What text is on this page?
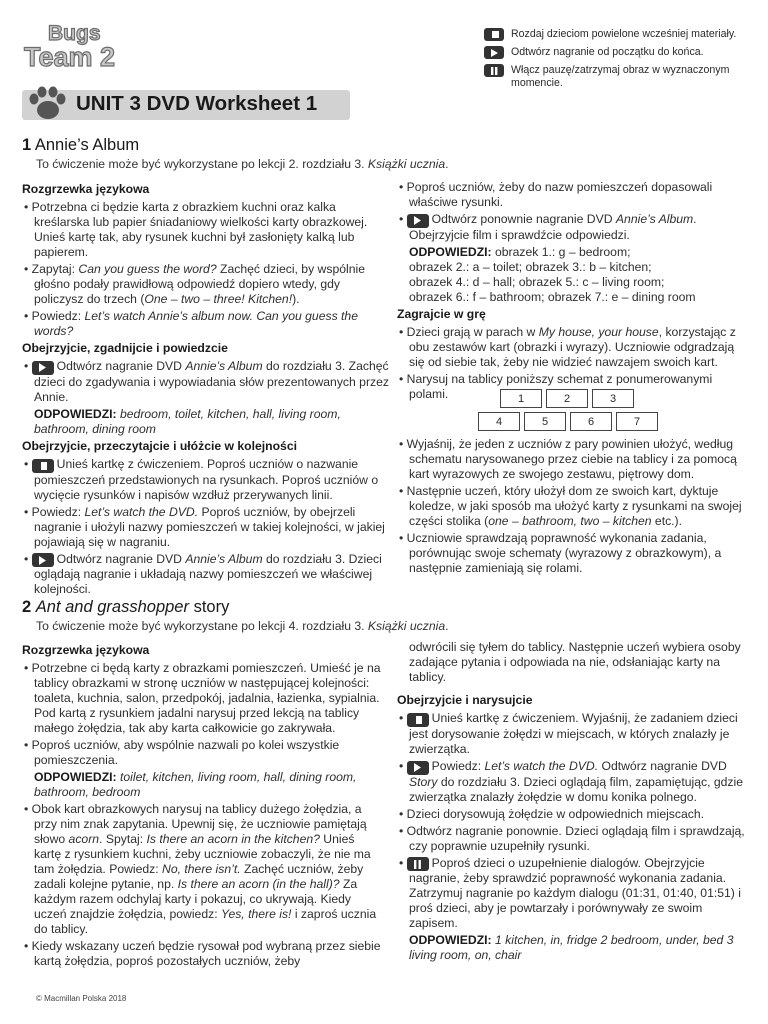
Bugs
Team 2
Rozdaj dzieciom powielone wcześniej materiały.
Odtwórz nagranie od początku do końca.
Włącz pauzę/zatrzymaj obraz w wyznaczonym momencie.
UNIT 3 DVD Worksheet 1
1 Annie’s Album
To ćwiczenie może być wykorzystane po lekcji 2. rozdziału 3. Książki ucznia.

Rozgrzewka językowa

• Potrzebna ci będzie karta z obrazkiem kuchni oraz kalka kreślarska lub papier śniadaniowy wielkości karty obrazkowej. Unieś kartę tak, aby rysunek kuchni był zasłonięty kalką lub papierem.

• Zapytaj: Can you guess the word? Zachęć dzieci, by wspólnie głośno podały prawidłową odpowiedź dopiero wtedy, gdy policzysz do trzech (One – two – three! Kitchen!).

• Powiedz: Let’s watch Annie’s album now. Can you guess the words?

Obejrzyjcie, zgadnijcie i powiedzcie

•
Odtwórz nagranie DVD Annie’s Album do rozdziału 3. Zachęć dzieci do zgadywania i wypowiadania słów prezentowanych przez Annie.

ODPOWIEDZI: bedroom, toilet, kitchen, hall, living room, bathroom, dining room

Obejrzyjcie, przeczytajcie i ułóżcie w kolejności

•
Unieś kartkę z ćwiczeniem. Poproś uczniów o nazwanie pomieszczeń przedstawionych na rysunkach. Poproś uczniów o wycięcie rysunków i napisów wzdłuż przerywanych linii.

• Powiedz: Let’s watch the DVD. Poproś uczniów, by obejrzeli nagranie i ułożyli nazwy pomieszczeń w takiej kolejności, w jakiej pojawiają się w nagraniu.

•
Odtwórz nagranie DVD Annie’s Album do rozdziału 3. Dzieci oglądają nagranie i układają nazwy pomieszczeń we właściwej kolejności.

• Poproś uczniów, żeby do nazw pomieszczeń dopasowali właściwe rysunki.

•
Odtwórz ponownie nagranie DVD Annie’s Album. Obejrzyjcie film i sprawdźcie odpowiedzi.

ODPOWIEDZI: obrazek 1.: g – bedroom;
obrazek 2.: a – toilet; obrazek 3.: b – kitchen;
obrazek 4.: d – hall; obrazek 5.: c – living room;
obrazek 6.: f – bathroom; obrazek 7.: e – dining room

Zagrajcie w grę

• Dzieci grają w parach w My house, your house, korzystając z obu zestawów kart (obrazki i wyrazy). Uczniowie odgradzają się od siebie tak, żeby nie widzieć nawzajem swoich kart.

• Narysuj na tablicy poniższy schemat z ponumerowanymi polami.	1	2	3
4	5	6	7

• Wyjaśnij, że jeden z uczniów z pary powinien ułożyć, według schematu narysowanego przez ciebie na tablicy i za pomocą kart wyrazowych ze swojego zestawu, piętrowy dom.

• Następnie uczeń, który ułożył dom ze swoich kart, dyktuje koledze, w jaki sposób ma ułożyć karty z rysunkami na swojej części stolika (one – bathroom, two – kitchen etc.).

• Uczniowie sprawdzają poprawność wykonania zadania, porównując swoje schematy (wyrazowy z obrazkowym), a następnie zamieniają się rolami.

2 Ant and grasshopper story
To ćwiczenie może być wykorzystane po lekcji 4. rozdziału 3. Książki ucznia.

Rozgrzewka językowa

• Potrzebne ci będą karty z obrazkami pomieszczeń. Umieść je na tablicy obrazkami w stronę uczniów w następującej kolejności: toaleta, kuchnia, salon, przedpokój, jadalnia, łazienka, sypialnia. Pod kartą z rysunkiem jadalni narysuj przed lekcją na tablicy małego żołędzia, tak aby karta całkowicie go zakrywała.

• Poproś uczniów, aby wspólnie nazwali po kolei wszystkie pomieszczenia.

ODPOWIEDZI: toilet, kitchen, living room, hall, dining room, bathroom, bedroom

• Obok kart obrazkowych narysuj na tablicy dużego żołędzia, a przy nim znak zapytania. Upewnij się, że uczniowie pamiętają słowo acorn. Spytaj: Is there an acorn in the kitchen? Unieś kartę z rysunkiem kuchni, żeby uczniowie zobaczyli, że nie ma tam żołędzia. Powiedz: No, there isn’t. Zachęć uczniów, żeby zadali kolejne pytanie, np. Is there an acorn (in the hall)? Za każdym razem odchylaj karty i pokazuj, co ukrywają. Kiedy uczeń znajdzie żołędzia, powiedz: Yes, there is! i zaproś ucznia do tablicy.

• Kiedy wskazany uczeń będzie rysował pod wybraną przez siebie kartą żołędzia, poproś pozostałych uczniów, żeby

odwrócili się tyłem do tablicy. Następnie uczeń wybiera osoby zadające pytania i odpowiada na nie, odsłaniając karty na tablicy.

Obejrzyjcie i narysujcie

•
Unieś kartkę z ćwiczeniem. Wyjaśnij, że zadaniem dzieci jest dorysowanie żołędzi w miejscach, w których znalazły je zwierzątka.

•
Powiedz: Let’s watch the DVD. Odtwórz nagranie DVD Story do rozdziału 3. Dzieci oglądają film, zapamiętując, gdzie zwierzątka znalazły żołędzie w domu konika polnego.

• Dzieci dorysowują żołędzie w odpowiednich miejscach.

• Odtwórz nagranie ponownie. Dzieci oglądają film i sprawdzają, czy poprawnie uzupełniły rysunki.

•
Poproś dzieci o uzupełnienie dialogów. Obejrzyjcie nagranie, żeby sprawdzić poprawność wykonania zadania. Zatrzymuj nagranie po każdym dialogu (01:31, 01:40, 01:51) i proś dzieci, aby je powtarzały i porównywały ze swoim zapisem.

ODPOWIEDZI: 1 kitchen, in, fridge 2 bedroom, under, bed 3 living room, on, chair

© Macmillan Polska 2018
